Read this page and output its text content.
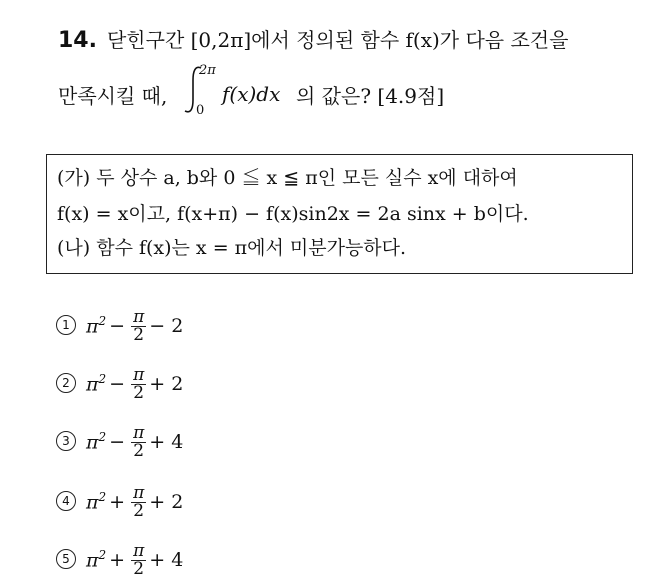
14. 닫힌구간 [0,2π]에서 정의된 함수 f(x)가 다음 조건을
만족시킬 때,
2π
0
f(x)dx 의 값은? [4.9점]
(가) 두 상수 a, b와 0 ≦ x ≦ π인 모든 실수 x에 대하여
f(x) = x이고, f(x+π) − f(x)sin2x = 2a sinx + b이다.
(나) 함수 f(x)는 x = π에서 미분가능하다.
1 $\pi^2 - \frac{\pi}{2} - 2$
2 $\pi^2 - \frac{\pi}{2} + 2$
3 $\pi^2 - \frac{\pi}{2} + 4$
4 $\pi^2 + \frac{\pi}{2} + 2$
5 $\pi^2 + \frac{\pi}{2} + 4$
